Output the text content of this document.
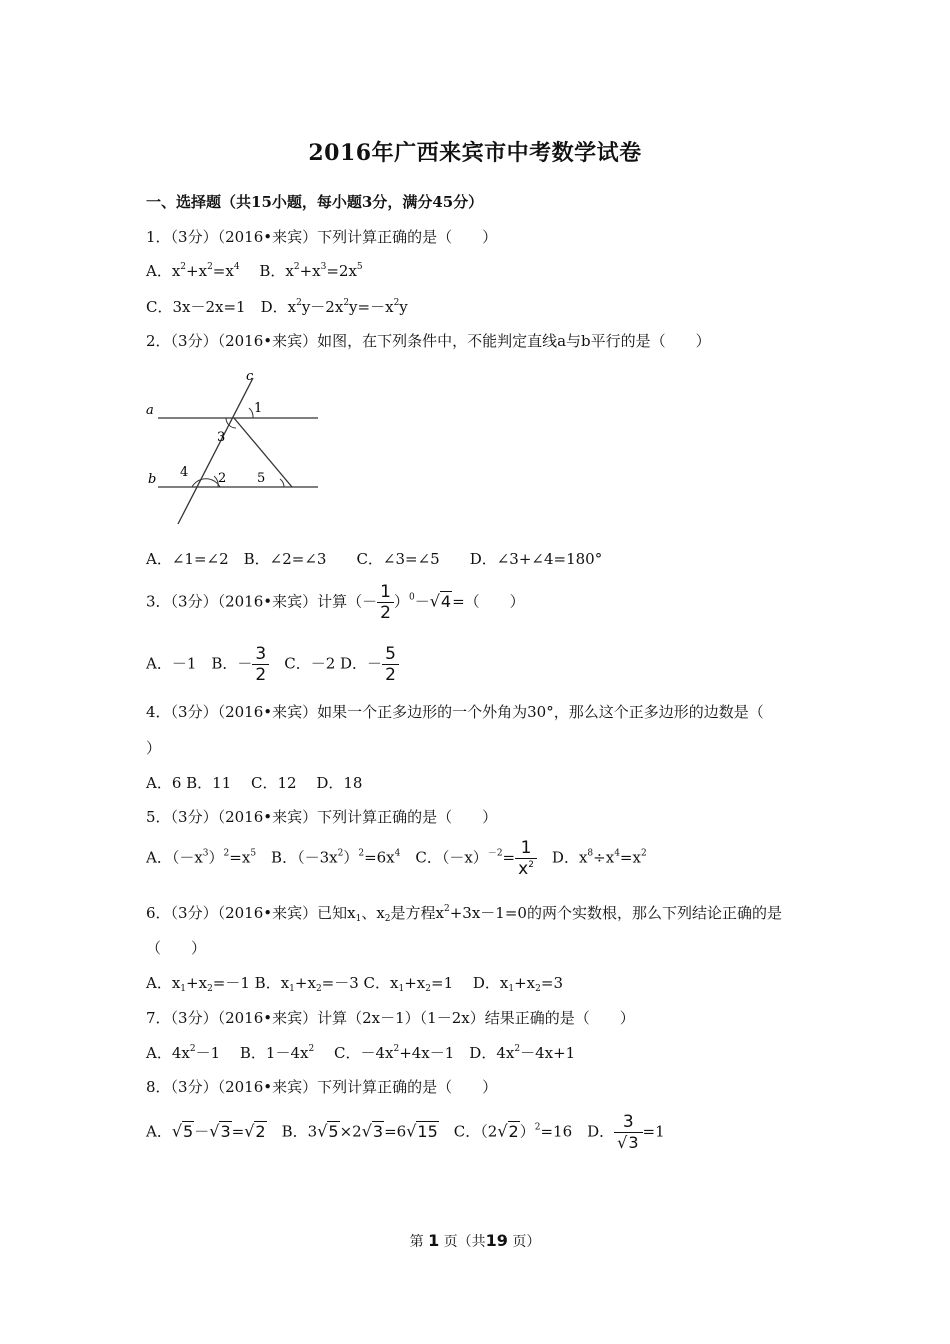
2016年广西来宾市中考数学试卷
一、选择题（共15小题，每小题3分，满分45分）
1．（3分）（2016•来宾）下列计算正确的是（　　）
A．$x^2+x^2=x^4$　 B．$x^2+x^3=2x^5$
C．3x－2x=1　D．$x^2y-2x^2y=-x^2y$
2．（3分）（2016•来宾）如图，在下列条件中，不能判定直线a与b平行的是（　　）
a
b
c
1
3
4 2 5
A．∠1=∠2　B．∠2=∠3　　C．∠3=∠5　　D．∠3+∠4=180°
3．（3分）（2016•来宾）计算（－ $\frac{1}{2} )^0-√4=$（　　）
A．－1　B．－ $\frac{3}{2}$ 　C．－2 D．－ $\frac{5}{2}$
4．（3分）（2016•来宾）如果一个正多边形的一个外角为30°，那么这个正多边形的边数是（
）
A．6 B．11　 C．12　 D．18
5．（3分）（2016•来宾）下列计算正确的是（　　）
A．$(-x^3)^2=x^5$　B．$(-3x^2)^2=6x^4$　C．$(-x)^{-2}= \frac{1}{x^2}$ 　D．$x^8\div x^4=x^2$
6．（3分）（2016•来宾）已知$x_1$、$x_2$是方程$x^2+3x-1=0$的两个实数根，那么下列结论正确的是
（　　）
A．$x_1+x_2=-1$ B．$x_1+x_2=-3$ C．$x_1+x_2=1$　 D．$x_1+x_2=3$
7．（3分）（2016•来宾）计算（2x－1）（1－2x）结果正确的是（　　）
A．$4x^2-1$　 B．$1-4x^2$　 C．$-4x^2+4x-1$　D．$4x^2-4x+1$
8．（3分）（2016•来宾）下列计算正确的是（　　）
A．√5－√3=√2　B．3√5×2√3=6√15　C．$(2√2)^2=16$　D． $\frac{3}{√3} =1$
第 1 页（共19 页）
